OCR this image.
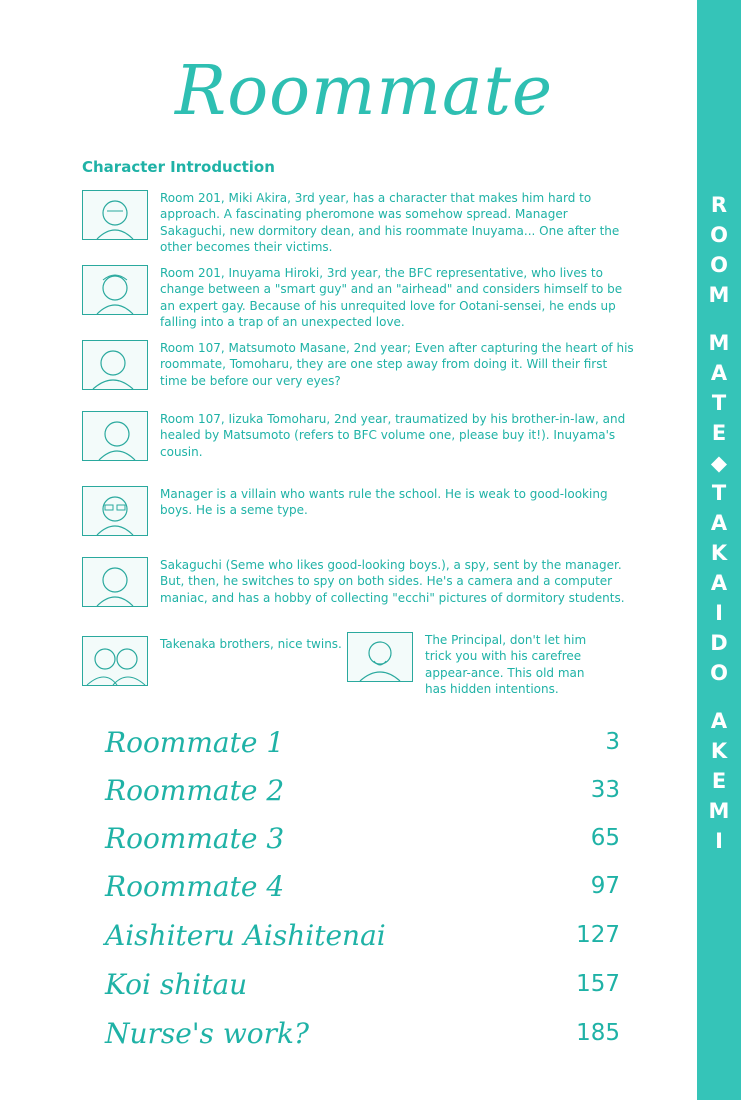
R
O
O
M
M
A
T
E
◆
T
A
K
A
I
D
O
A
K
E
M
I
Roommate
Character Introduction
Room 201, Miki Akira, 3rd year, has a character that makes him hard to approach. A fascinating pheromone was somehow spread. Manager Sakaguchi, new dormitory dean, and his roommate Inuyama... One after the other becomes their victims.
Room 201, Inuyama Hiroki, 3rd year, the BFC representative, who lives to change between a "smart guy" and an "airhead" and considers himself to be an expert gay. Because of his unrequited love for Ootani-sensei, he ends up falling into a trap of an unexpected love.
Room 107, Matsumoto Masane, 2nd year; Even after capturing the heart of his roommate, Tomoharu, they are one step away from doing it. Will their first time be before our very eyes?
Room 107, Iizuka Tomoharu, 2nd year, traumatized by his brother-in-law, and healed by Matsumoto (refers to BFC volume one, please buy it!). Inuyama's cousin.
Manager is a villain who wants rule the school. He is weak to good-looking boys. He is a seme type.
Sakaguchi (Seme who likes good-looking boys.), a spy, sent by the manager. But, then, he switches to spy on both sides. He's a camera and a computer maniac, and has a hobby of collecting "ecchi" pictures of dormitory students.
Takenaka brothers, nice twins.	The Principal, don't let him trick you with his carefree appear-ance. This old man has hidden intentions.
Roommate 1	3
Roommate 2	33
Roommate 3	65
Roommate 4	97
Aishiteru Aishitenai	127
Koi shitau	157
Nurse's work?	185
